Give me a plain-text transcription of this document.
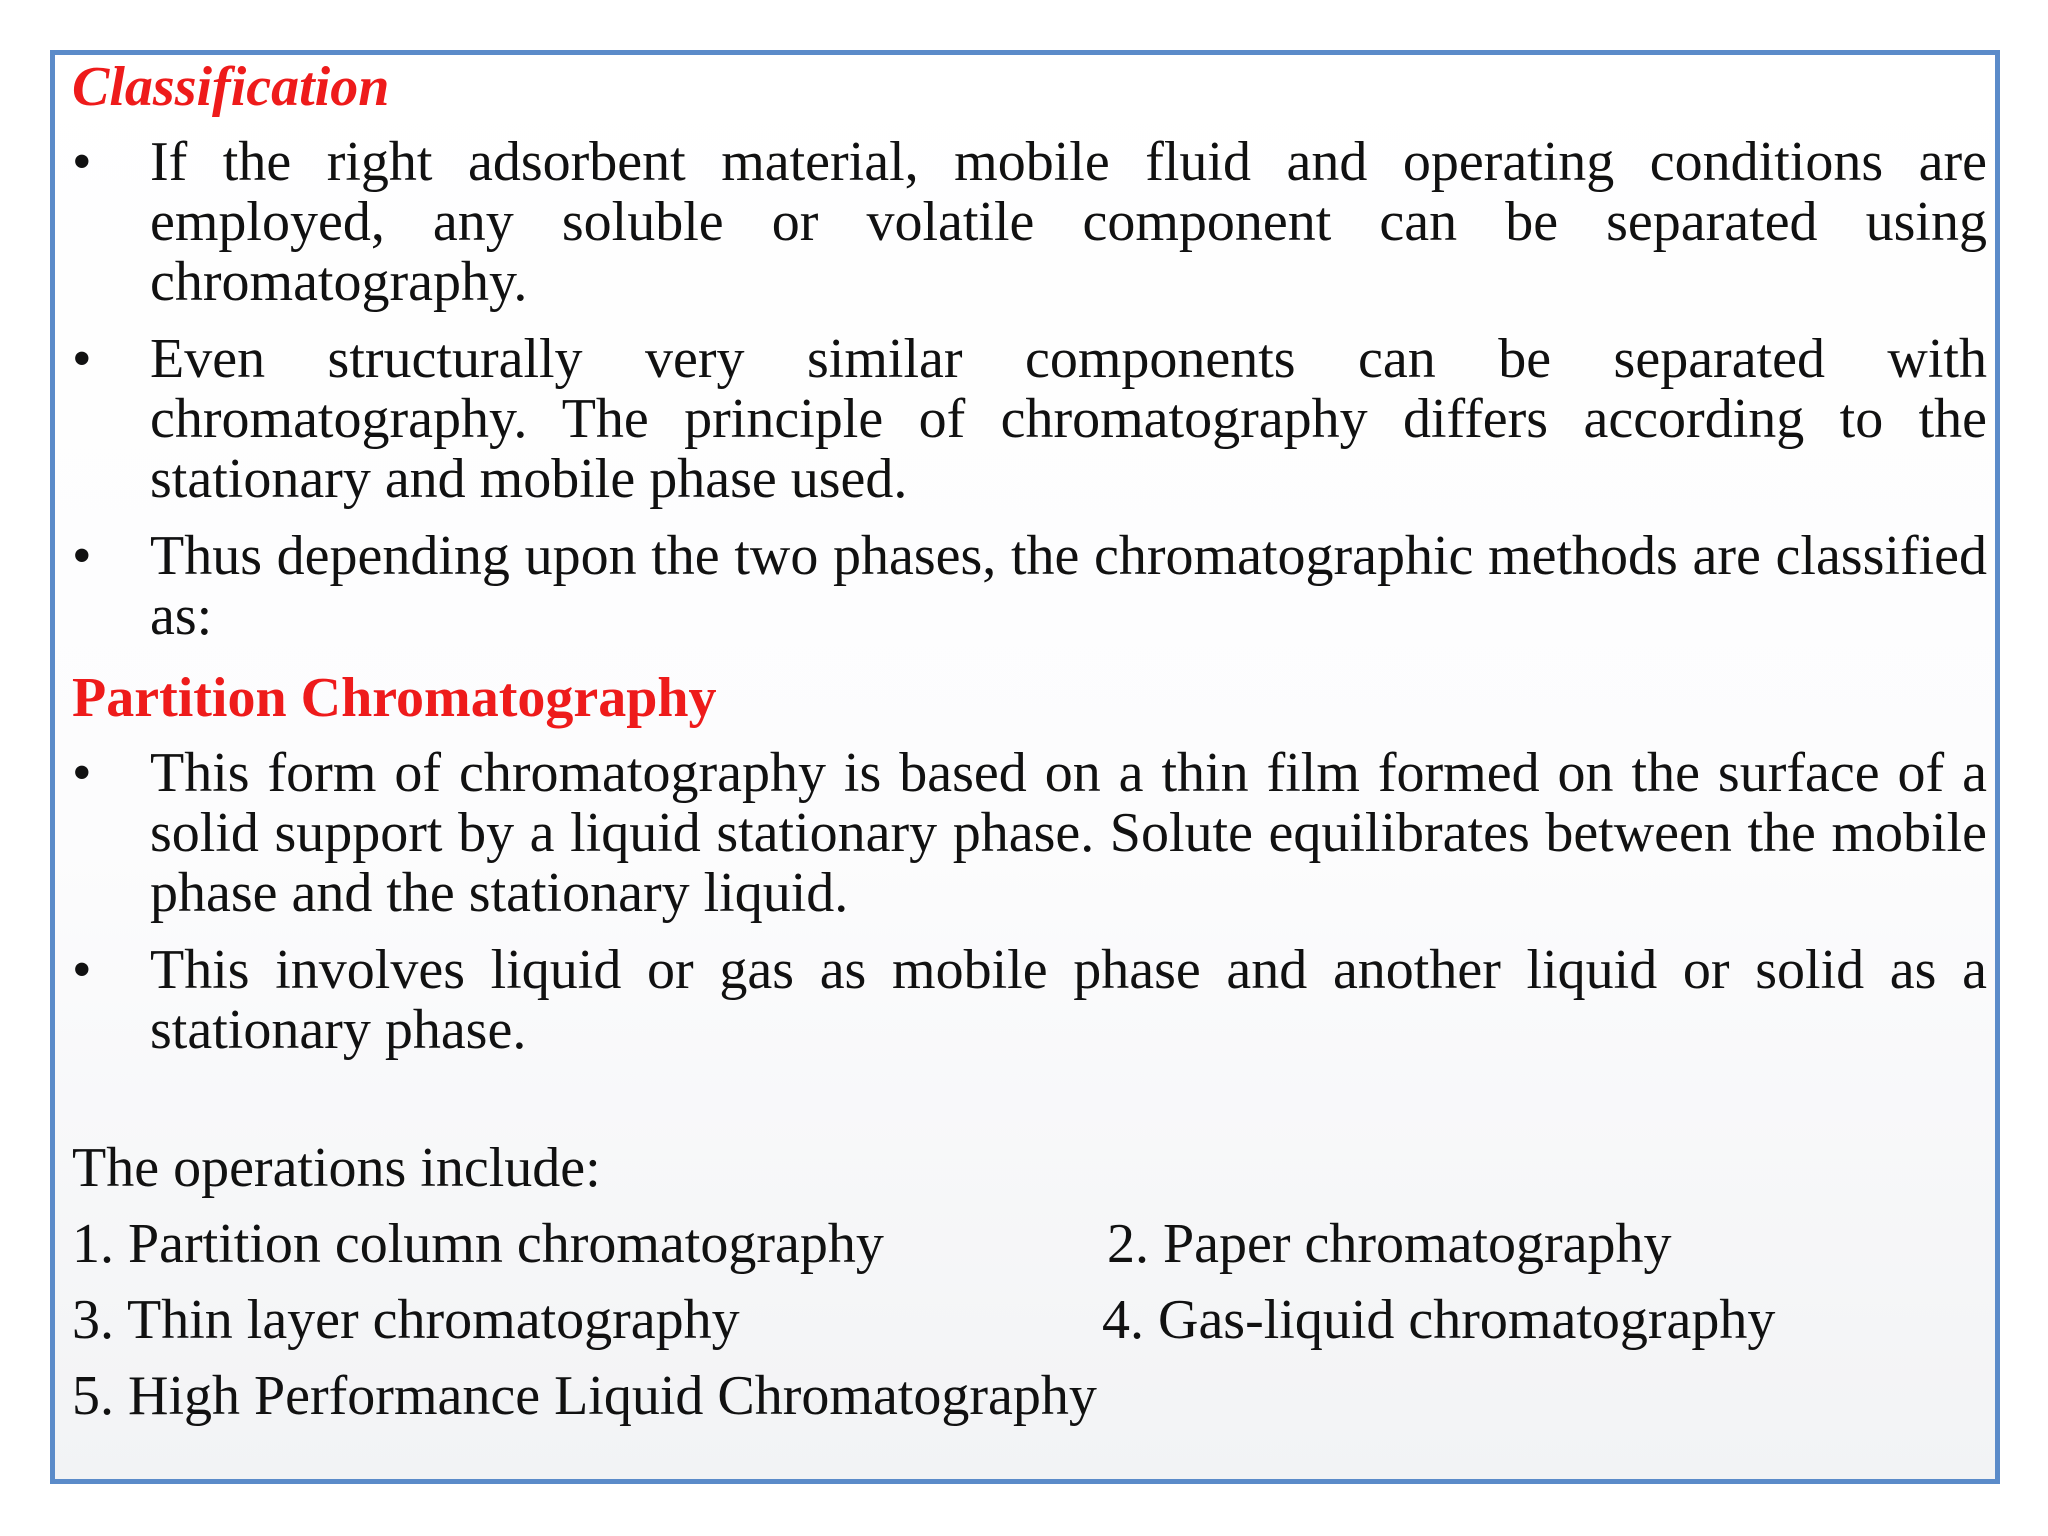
Classification
•	If the right adsorbent material, mobile fluid and operating conditions are employed, any soluble or volatile component can be separated using chromatography.
•	Even structurally very similar components can be separated with chromatography. The principle of chromatography differs according to the stationary and mobile phase used.
•	Thus depending upon the two phases, the chromatographic methods are classified as:
Partition Chromatography
•	This form of chromatography is based on a thin film formed on the surface of a solid support by a liquid stationary phase. Solute equilibrates between the mobile phase and the stationary liquid.
•	This involves liquid or gas as mobile phase and another liquid or solid as a stationary phase.

The operations include:

1. Partition column chromatography	2. Paper chromatography
3. Thin layer chromatography	4. Gas-liquid chromatography
5. High Performance Liquid Chromatography
